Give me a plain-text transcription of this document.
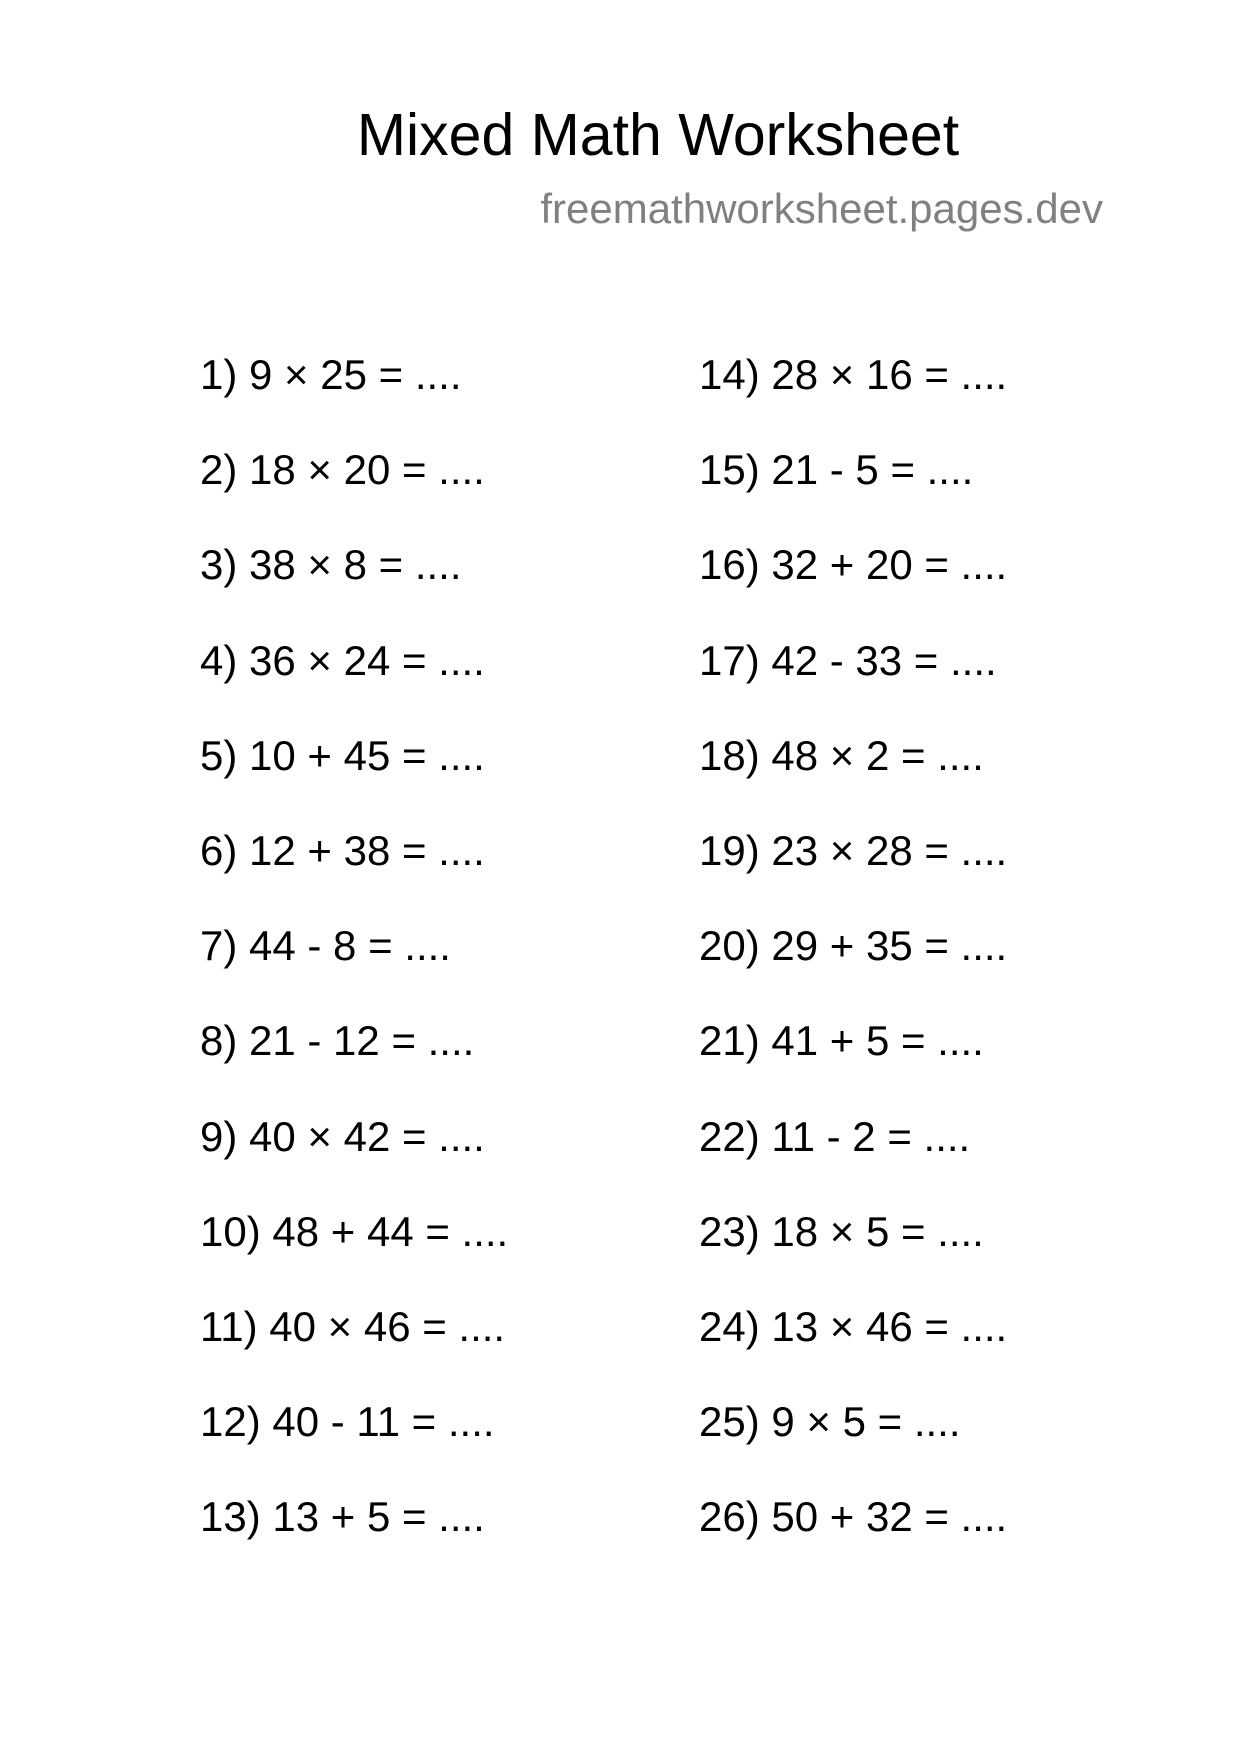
Mixed Math Worksheet
freemathworksheet.pages.dev
1) 9 × 25 = ....
2) 18 × 20 = ....
3) 38 × 8 = ....
4) 36 × 24 = ....
5) 10 + 45 = ....
6) 12 + 38 = ....
7) 44 - 8 = ....
8) 21 - 12 = ....
9) 40 × 42 = ....
10) 48 + 44 = ....
11) 40 × 46 = ....
12) 40 - 11 = ....
13) 13 + 5 = ....
14) 28 × 16 = ....
15) 21 - 5 = ....
16) 32 + 20 = ....
17) 42 - 33 = ....
18) 48 × 2 = ....
19) 23 × 28 = ....
20) 29 + 35 = ....
21) 41 + 5 = ....
22) 11 - 2 = ....
23) 18 × 5 = ....
24) 13 × 46 = ....
25) 9 × 5 = ....
26) 50 + 32 = ....
